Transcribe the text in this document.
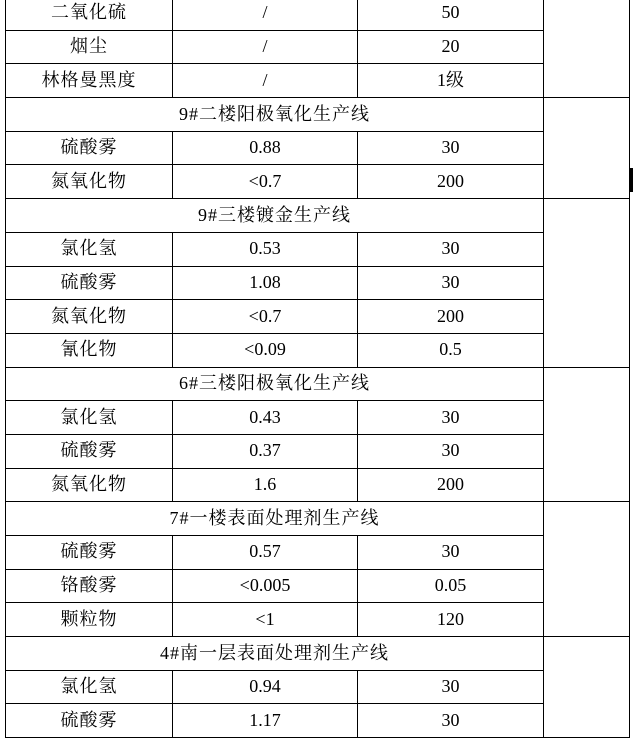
二氧化硫	/	50	
烟尘	/	20	
林格曼黑度	/	1级	
9#二楼阳极氧化生产线			
硫酸雾	0.88	30	
氮氧化物	<0.7	200	
9#三楼镀金生产线			
氯化氢	0.53	30	
硫酸雾	1.08	30	
氮氧化物	<0.7	200	
氰化物	<0.09	0.5	
6#三楼阳极氧化生产线			
氯化氢	0.43	30	
硫酸雾	0.37	30	
氮氧化物	1.6	200	
7#一楼表面处理剂生产线			
硫酸雾	0.57	30	
铬酸雾	<0.005	0.05	
颗粒物	<1	120	
4#南一层表面处理剂生产线			
氯化氢	0.94	30	
硫酸雾	1.17	30	
